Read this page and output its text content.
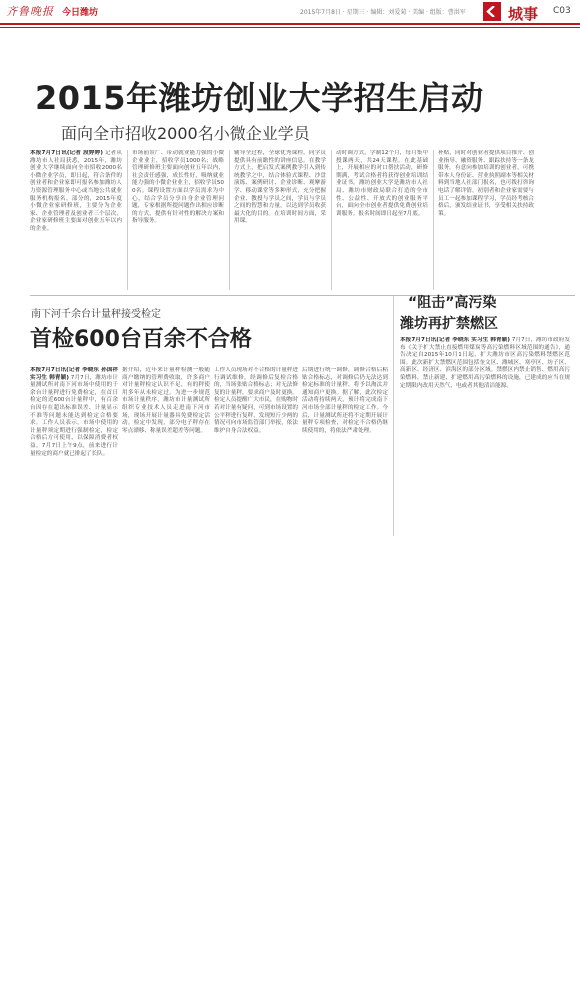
齐鲁晚报 今日潍坊	2015年7月8日 · 星期三 · 编辑：刘爱菊 · 美编 · 组版：曹洪军	城事 C03
2015年潍坊创业大学招生启动
面向全市招收2000名小微企业学员
本报7月7日讯(记者 段婷婷) 记者从潍坊市人社局获悉，2015年，潍坊创业大学继续面向全市招收2000名小微企业学员，即日起，符合条件的创业者和企业家即可报名参加潍坊人力资源管理服务中心或当地公共就业服务机构报名。部分的，2015年度小微企业家研修班，主要分为企业家、企业管理者及创业者三个层次，企业家研修班主要面对创业五年以内的企业。
市场前景广、带动就业能力强的小微企业业主，招收学员1000名；战略管理研修班主要面向创业五年以内，社会责任感强，成长性好，吸纳就业能力强的小微企业业主，招收学员500名。课程设置方面以学员需求为中心，结合学员分享自身企业管理问题，专家根据所提问题作出相应诊断的方式，提供有针对性的解决方案和指导服务。
辅导全过程，全球优秀课程，向学员提供具有前瞻性的讲座信息。在教学方式上，把启发式案例教学引入到传统教学之中，结合体验式课程、沙盘演练、案例研讨、企业诊断、观摩游学、移动课堂等多种形式，充分把握企业、教授与学员之间，学员与学员之间的智慧和力量，以达到学员收获最大化的目的。在培训时间方面，采用课。
动时调方式，学制12个月，每月集中授课两天，共24天课程。在此基础上，开展相应的对口帮扶活动，研修期满，考试合格者将获得创业培训结业证书。潍坊创业大学是潍坊市人社局、潍坊市财政局联合打造的全市性、公益性、开放式的创业服务平台，面向全市创业者提供免费创业培训服务。报名时间即日起至7月底。
补贴，同时对创业者提供项目推介、创业指导、融资服务、跟踪扶持等一条龙服务。有意向参加培训的创业者，可携带本人身份证、营业执照副本等相关材料到当地人社部门报名，也可拨打咨询电话了解详情。初别者和企业家需要与员工一起参加课程学习，学员经考核合格后，颁发结业证书，享受相关扶持政策。
南下河千余台计量秤接受检定
首检600台百余不合格
本报7月7日讯(记者 李晓东 孙国祥 实习生 韩青颖) 7月7日，潍坊市计量测试所对南下河市场中使用的千余台计量秤进行免费检定，在首日检定的近600台计量秤中，有百余台因存在超出标准误差、计量显示不准等问题未能达到检定合格要求。工作人员表示，市场中使用的计量秤须定期进行强制检定，检定合格后方可使用，以保障消费者权益。7月7日上午9点，前来进行计量检定的商户就已排起了长队。
据介绍，近年来计量秤检测一般随商户缴纳的管理费收取，许多商户对计量秤检定认识不足，有的秤使用多年从未检定过。为进一步规范市场计量秩序，潍坊市计量测试所组织专业技术人员走进南下河市场，现场开展计量器具免费检定活动。检定中发现，部分电子秤存在零点漂移、称量误差超差等问题。
工作人员现场对不合格的计量秤进行调试维修，经调修后复检合格的，当场张贴合格标志；对无法修复的计量秤，要求商户及时更换。检定人员提醒广大市民，在购物时若对计量有疑问，可到市场设置的公平秤进行复秤，发现短斤少两的情况可向市场监管部门举报，依法维护自身合法权益。
后期进行统一调修，调修合格后粘贴合格标志，对调修后仍无法达到检定标准的计量秤，将予以淘汰并通知商户更换。据了解，此次检定活动将持续两天，预计将完成南下河市场全部计量秤的检定工作。今后，计量测试所还将不定期开展计量秤专项检查，对检定不合格仍继续使用的，将依法严肃处理。
“阻击”高污染
潍坊再扩禁燃区
本报7月7日讯(记者 李晓东 实习生 韩青颖) 7月7日，潍坊市政府发布《关于扩大禁止直接燃用煤炭等高污染燃料区域范围的通告》，通告决定自2015年10月1日起，扩大潍坊市区高污染燃料禁燃区范围。此次新扩大禁燃区范围包括奎文区、潍城区、寒亭区、坊子区、高新区、经济区、滨海区的部分区域。禁燃区内禁止销售、燃用高污染燃料，禁止新建、扩建燃用高污染燃料的设施，已建成的应当在规定期限内改用天然气、电或者其他清洁能源。
